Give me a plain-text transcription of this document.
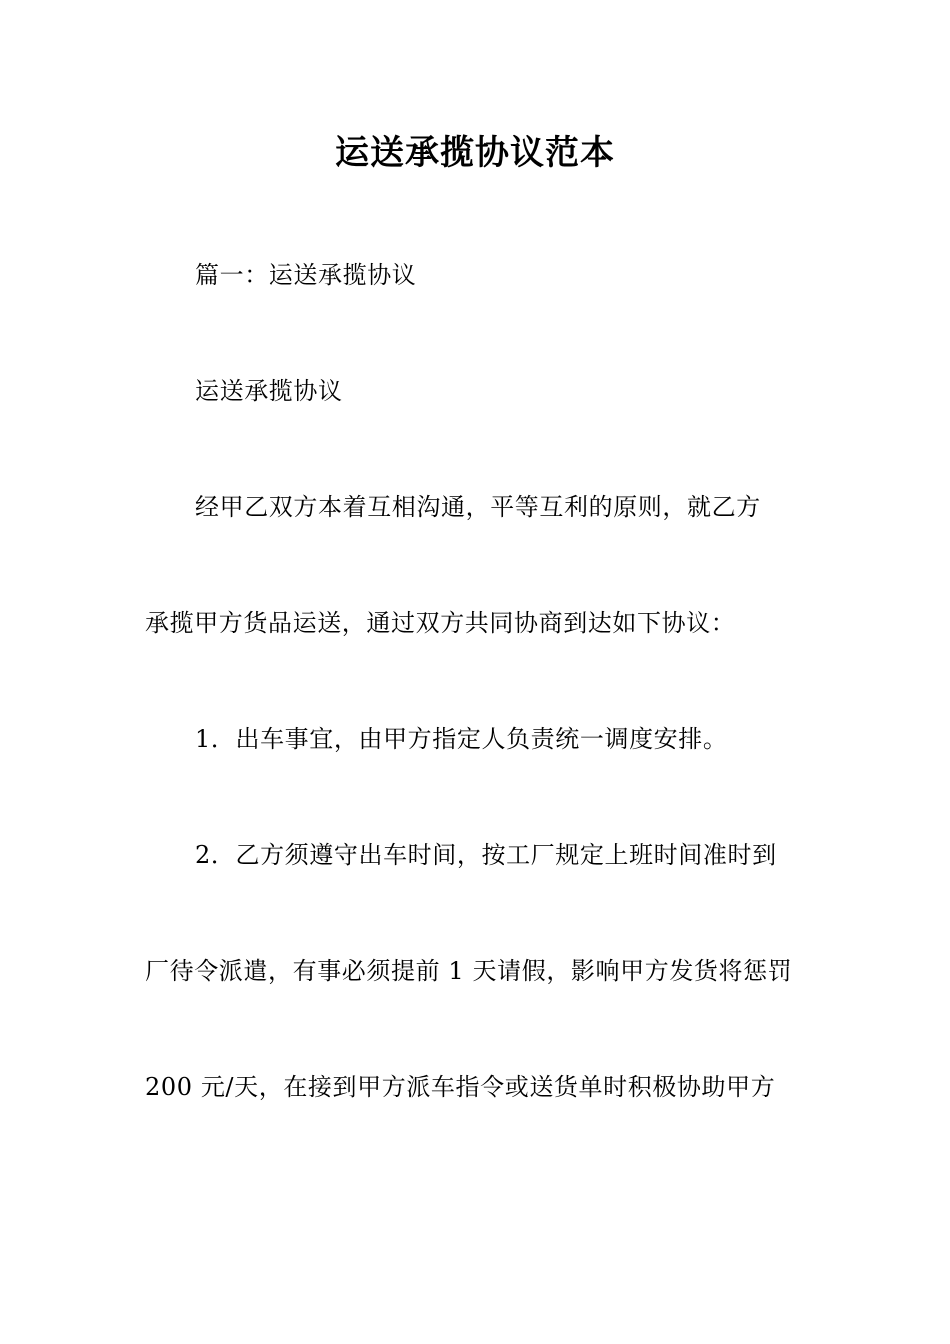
运送承揽协议范本
篇一：运送承揽协议
运送承揽协议
经甲乙双方本着互相沟通，平等互利的原则，就乙方
承揽甲方货品运送，通过双方共同协商到达如下协议：
1．出车事宜，由甲方指定人负责统一调度安排。
2．乙方须遵守出车时间，按工厂规定上班时间准时到
厂待令派遣，有事必须提前 1 天请假，影响甲方发货将惩罚
200 元/天，在接到甲方派车指令或送货单时积极协助甲方
